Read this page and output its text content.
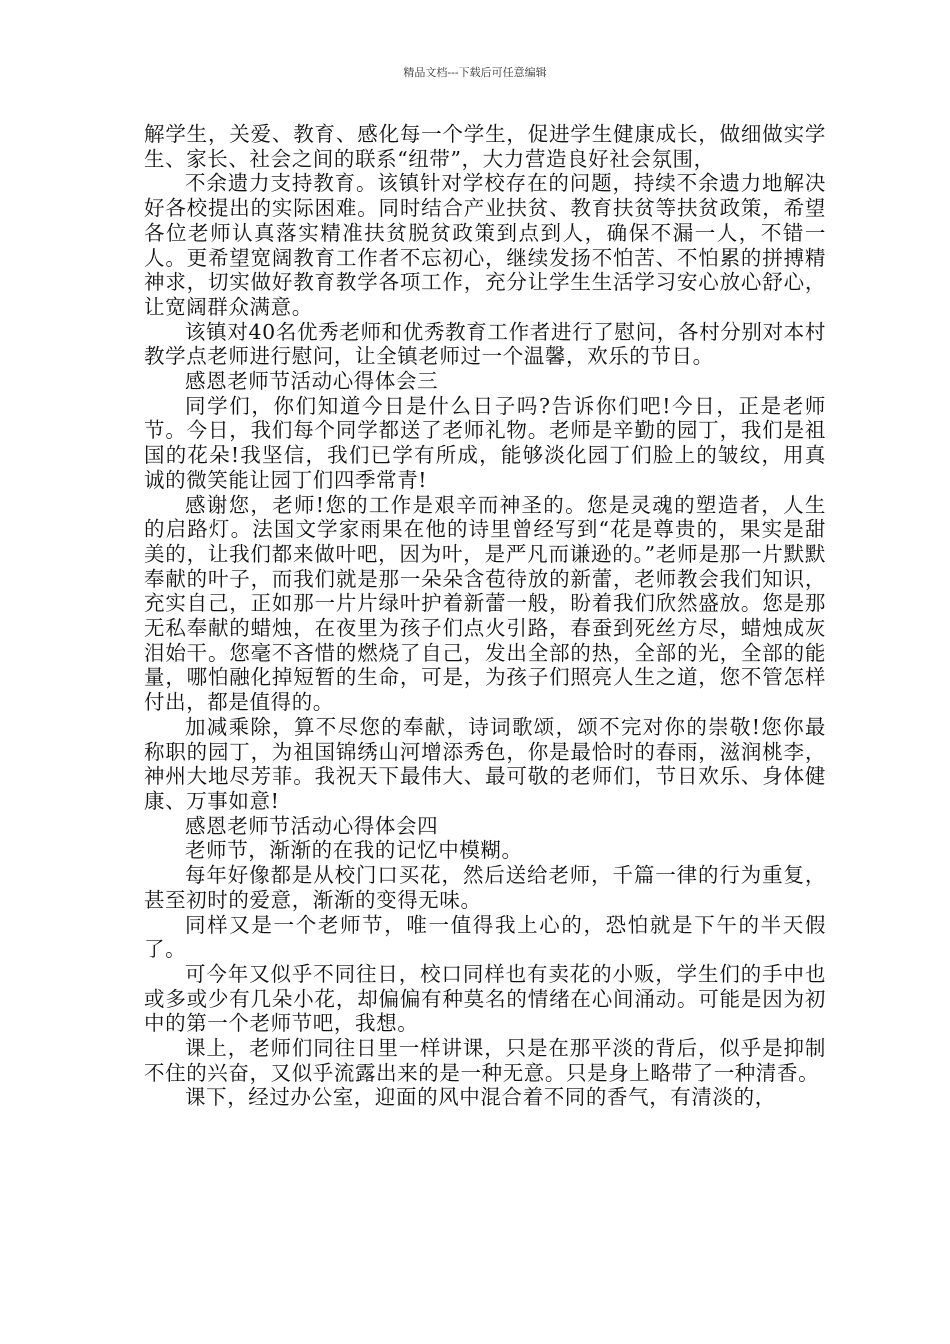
精品文档---下载后可任意编辑

解学生，关爱、教育、感化每一个学生，促进学生健康成长，做细做实学生、家长、社会之间的联系“纽带”，大力营造良好社会氛围，

不余遗力支持教育。该镇针对学校存在的问题，持续不余遗力地解决好各校提出的实际困难。同时结合产业扶贫、教育扶贫等扶贫政策，希望各位老师认真落实精准扶贫脱贫政策到点到人，确保不漏一人，不错一人。更希望宽阔教育工作者不忘初心，继续发扬不怕苦、不怕累的拼搏精神求，切实做好教育教学各项工作，充分让学生生活学习安心放心舒心，让宽阔群众满意。

该镇对40名优秀老师和优秀教育工作者进行了慰问，各村分别对本村教学点老师进行慰问，让全镇老师过一个温馨，欢乐的节日。

感恩老师节活动心得体会三

同学们，你们知道今日是什么日子吗?告诉你们吧!今日，正是老师节。今日，我们每个同学都送了老师礼物。老师是辛勤的园丁，我们是祖国的花朵!我坚信，我们已学有所成，能够淡化园丁们脸上的皱纹，用真诚的微笑能让园丁们四季常青!

感谢您，老师!您的工作是艰辛而神圣的。您是灵魂的塑造者，人生的启路灯。法国文学家雨果在他的诗里曾经写到“花是尊贵的，果实是甜美的，让我们都来做叶吧，因为叶，是严凡而谦逊的。”老师是那一片默默奉献的叶子，而我们就是那一朵朵含苞待放的新蕾，老师教会我们知识，充实自己，正如那一片片绿叶护着新蕾一般，盼着我们欣然盛放。您是那无私奉献的蜡烛，在夜里为孩子们点火引路，春蚕到死丝方尽，蜡烛成灰泪始干。您毫不吝惜的燃烧了自己，发出全部的热，全部的光，全部的能量，哪怕融化掉短暂的生命，可是，为孩子们照亮人生之道，您不管怎样付出，都是值得的。

加减乘除，算不尽您的奉献，诗词歌颂，颂不完对你的崇敬!您你最称职的园丁，为祖国锦绣山河增添秀色，你是最恰时的春雨，滋润桃李，神州大地尽芳菲。我祝天下最伟大、最可敬的老师们，节日欢乐、身体健康、万事如意!

感恩老师节活动心得体会四

老师节，渐渐的在我的记忆中模糊。

每年好像都是从校门口买花，然后送给老师，千篇一律的行为重复，甚至初时的爱意，渐渐的变得无味。

同样又是一个老师节，唯一值得我上心的，恐怕就是下午的半天假了。

可今年又似乎不同往日，校口同样也有卖花的小贩，学生们的手中也或多或少有几朵小花，却偏偏有种莫名的情绪在心间涌动。可能是因为初中的第一个老师节吧，我想。

课上，老师们同往日里一样讲课，只是在那平淡的背后，似乎是抑制不住的兴奋，又似乎流露出来的是一种无意。只是身上略带了一种清香。

课下，经过办公室，迎面的风中混合着不同的香气，有清淡的，
